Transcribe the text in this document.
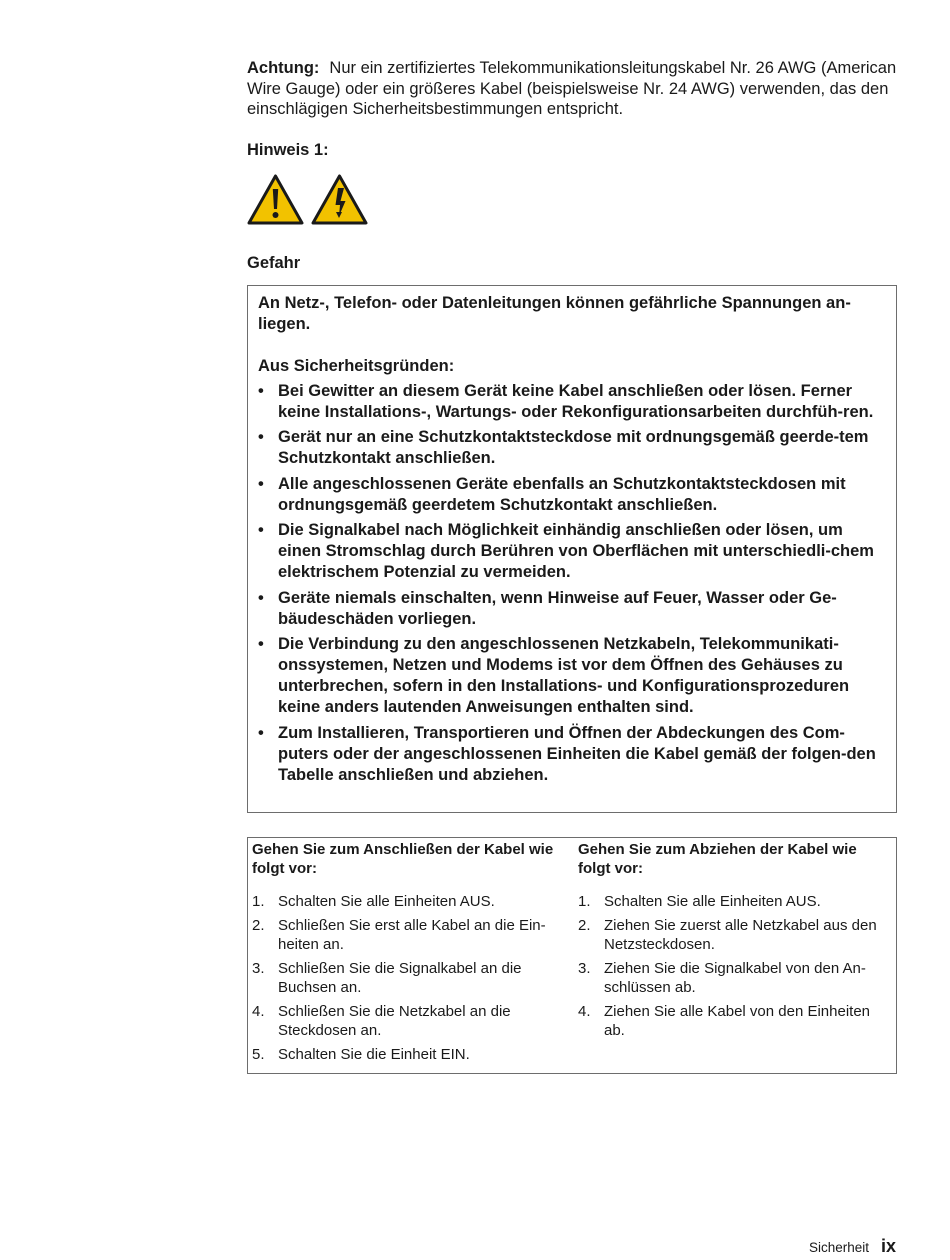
Achtung: Nur ein zertifiziertes Telekommunikationsleitungskabel Nr. 26 AWG (American Wire Gauge) oder ein größeres Kabel (beispielsweise Nr. 24 AWG) verwenden, das den einschlägigen Sicherheitsbestimmungen entspricht.

Hinweis 1:

Gefahr

An Netz-, Telefon- oder Datenleitungen können gefährliche Spannungen an-liegen.

Aus Sicherheitsgründen:

• Bei Gewitter an diesem Gerät keine Kabel anschließen oder lösen. Ferner keine Installations-, Wartungs- oder Rekonfigurationsarbeiten durchfüh-ren.
• Gerät nur an eine Schutzkontaktsteckdose mit ordnungsgemäß geerde-tem Schutzkontakt anschließen.
• Alle angeschlossenen Geräte ebenfalls an Schutzkontaktsteckdosen mit ordnungsgemäß geerdetem Schutzkontakt anschließen.
• Die Signalkabel nach Möglichkeit einhändig anschließen oder lösen, um einen Stromschlag durch Berühren von Oberflächen mit unterschiedli-chem elektrischem Potenzial zu vermeiden.
• Geräte niemals einschalten, wenn Hinweise auf Feuer, Wasser oder Ge-bäudeschäden vorliegen.
• Die Verbindung zu den angeschlossenen Netzkabeln, Telekommunikati-onssystemen, Netzen und Modems ist vor dem Öffnen des Gehäuses zu unterbrechen, sofern in den Installations- und Konfigurationsprozeduren keine anders lautenden Anweisungen enthalten sind.
• Zum Installieren, Transportieren und Öffnen der Abdeckungen des Com-puters oder der angeschlossenen Einheiten die Kabel gemäß der folgen-den Tabelle anschließen und abziehen.
Gehen Sie zum Anschließen der Kabel wie folgt vor:
1. Schalten Sie alle Einheiten AUS.
2. Schließen Sie erst alle Kabel an die Ein-heiten an.
3. Schließen Sie die Signalkabel an die Buchsen an.
4. Schließen Sie die Netzkabel an die Steckdosen an.
5. Schalten Sie die Einheit EIN.
Gehen Sie zum Abziehen der Kabel wie folgt vor:
1. Schalten Sie alle Einheiten AUS.
2. Ziehen Sie zuerst alle Netzkabel aus den Netzsteckdosen.
3. Ziehen Sie die Signalkabel von den An-schlüssen ab.
4. Ziehen Sie alle Kabel von den Einheiten ab.
Sicherheit ix
